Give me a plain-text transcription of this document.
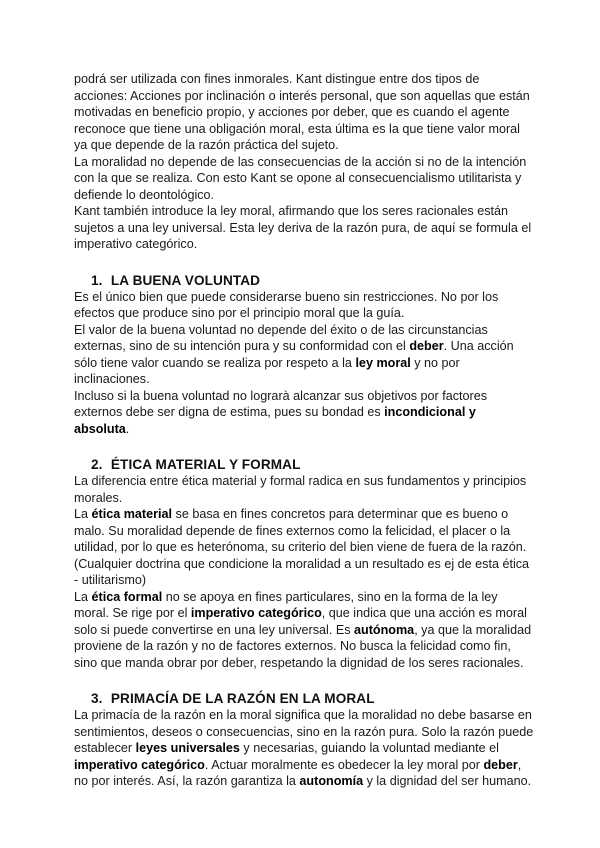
podrá ser utilizada con fines inmorales. Kant distingue entre dos tipos de acciones: Acciones por inclinación o interés personal, que son aquellas que están motivadas en beneficio propio, y acciones por deber, que es cuando el agente reconoce que tiene una obligación moral, esta última es la que tiene valor moral ya que depende de la razón práctica del sujeto.

La moralidad no depende de las consecuencias de la acción si no de la intención con la que se realiza. Con esto Kant se opone al consecuencialismo utilitarista y defiende lo deontológico.

Kant también introduce la ley moral, afirmando que los seres racionales están sujetos a una ley universal. Esta ley deriva de la razón pura, de aquí se formula el imperativo categórico.

1. LA BUENA VOLUNTAD

Es el único bien que puede considerarse bueno sin restricciones. No por los efectos que produce sino por el principio moral que la guía.

El valor de la buena voluntad no depende del éxito o de las circunstancias externas, sino de su intención pura y su conformidad con el deber. Una acción sólo tiene valor cuando se realiza por respeto a la ley moral y no por inclinaciones.

Incluso si la buena voluntad no lograrà alcanzar sus objetivos por factores externos debe ser digna de estima, pues su bondad es incondicional y absoluta.

2. ÉTICA MATERIAL Y FORMAL

La diferencia entre ética material y formal radica en sus fundamentos y principios morales.

La ética material se basa en fines concretos para determinar que es bueno o malo. Su moralidad depende de fines externos como la felicidad, el placer o la utilidad, por lo que es heterónoma, su criterio del bien viene de fuera de la razón. (Cualquier doctrina que condicione la moralidad a un resultado es ej de esta ética - utilitarismo)

La ética formal no se apoya en fines particulares, sino en la forma de la ley moral. Se rige por el imperativo categórico, que indica que una acción es moral solo si puede convertirse en una ley universal. Es autónoma, ya que la moralidad proviene de la razón y no de factores externos. No busca la felicidad como fin, sino que manda obrar por deber, respetando la dignidad de los seres racionales.

3. PRIMACÍA DE LA RAZÓN EN LA MORAL

La primacía de la razón en la moral significa que la moralidad no debe basarse en sentimientos, deseos o consecuencias, sino en la razón pura. Solo la razón puede establecer leyes universales y necesarias, guiando la voluntad mediante el imperativo categórico. Actuar moralmente es obedecer la ley moral por deber, no por interés. Así, la razón garantiza la autonomía y la dignidad del ser humano.
